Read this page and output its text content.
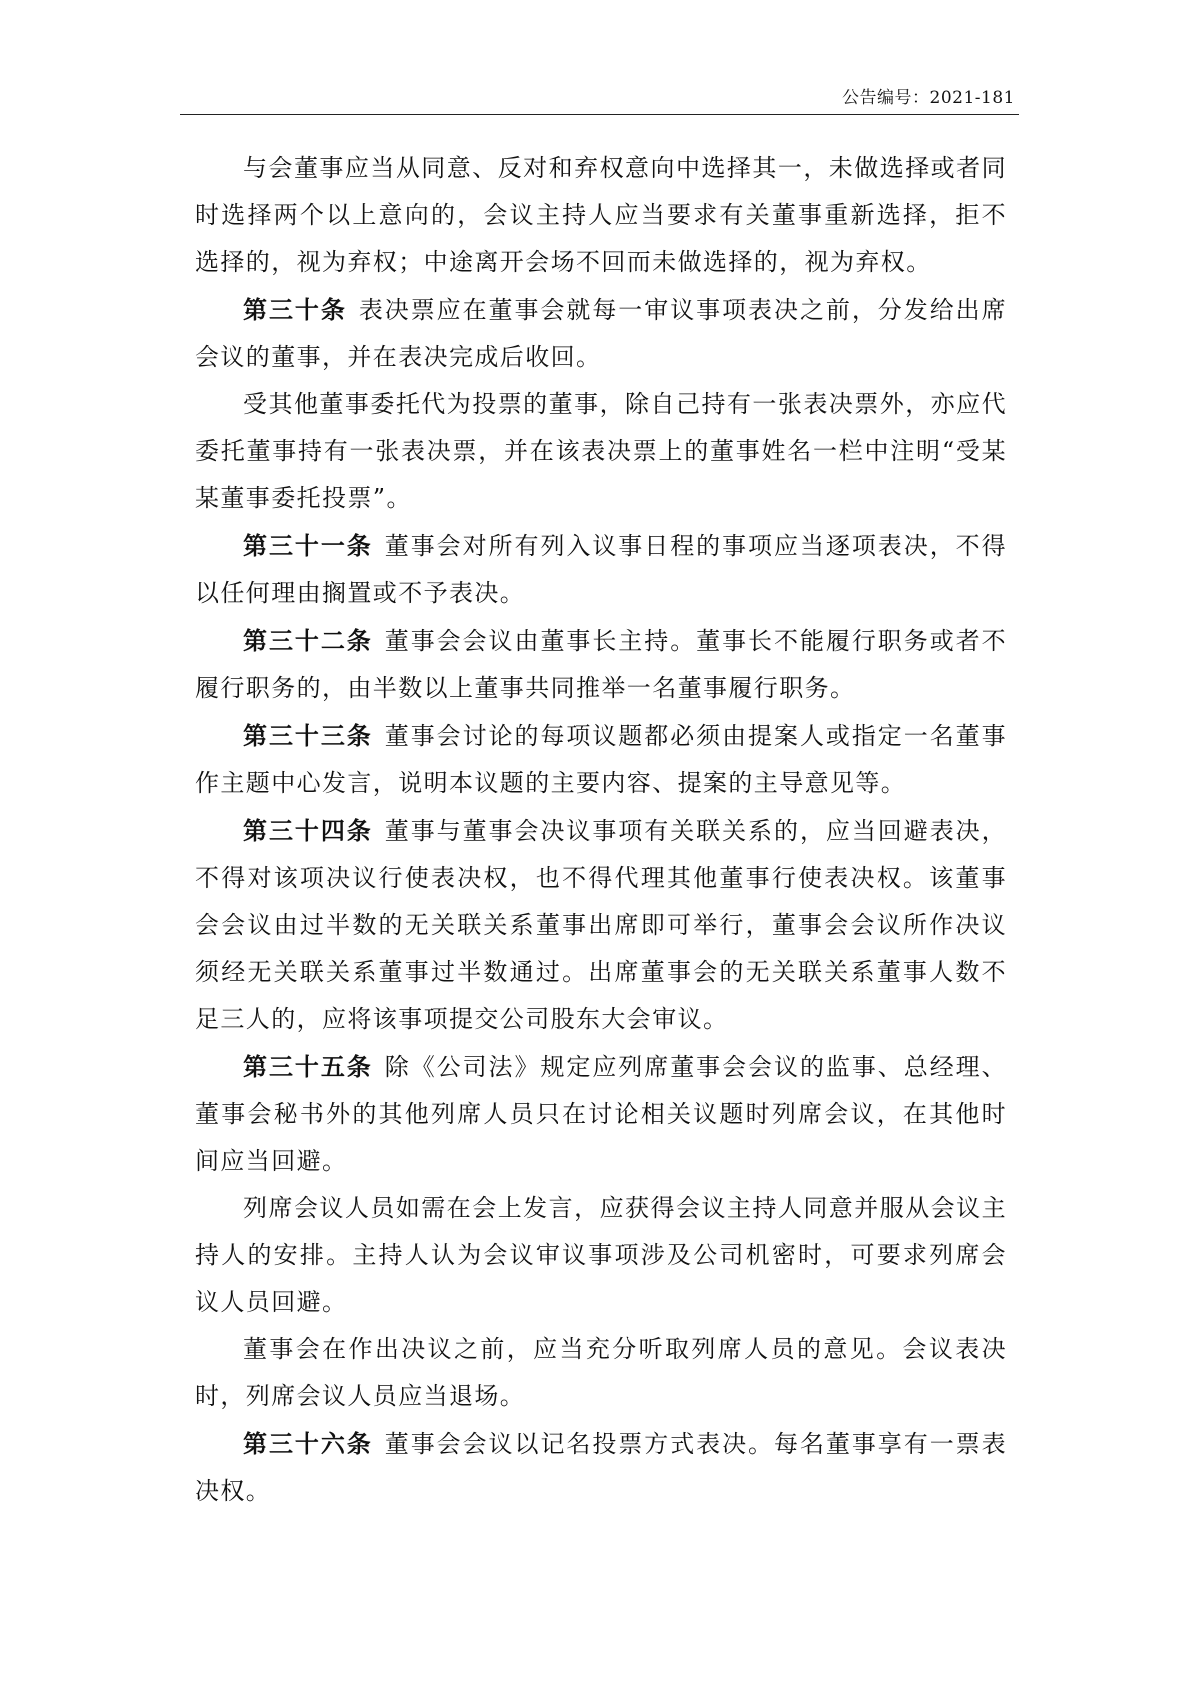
公告编号：2021-181

与会董事应当从同意、反对和弃权意向中选择其一，未做选择或者同时选择两个以上意向的，会议主持人应当要求有关董事重新选择，拒不选择的，视为弃权；中途离开会场不回而未做选择的，视为弃权。

第三十条 表决票应在董事会就每一审议事项表决之前，分发给出席会议的董事，并在表决完成后收回。

受其他董事委托代为投票的董事，除自己持有一张表决票外，亦应代委托董事持有一张表决票，并在该表决票上的董事姓名一栏中注明“受某某董事委托投票”。

第三十一条 董事会对所有列入议事日程的事项应当逐项表决，不得以任何理由搁置或不予表决。

第三十二条 董事会会议由董事长主持。董事长不能履行职务或者不履行职务的，由半数以上董事共同推举一名董事履行职务。

第三十三条 董事会讨论的每项议题都必须由提案人或指定一名董事作主题中心发言，说明本议题的主要内容、提案的主导意见等。

第三十四条 董事与董事会决议事项有关联关系的，应当回避表决，不得对该项决议行使表决权，也不得代理其他董事行使表决权。该董事会会议由过半数的无关联关系董事出席即可举行，董事会会议所作决议须经无关联关系董事过半数通过。出席董事会的无关联关系董事人数不足三人的，应将该事项提交公司股东大会审议。

第三十五条 除《公司法》规定应列席董事会会议的监事、总经理、董事会秘书外的其他列席人员只在讨论相关议题时列席会议，在其他时间应当回避。

列席会议人员如需在会上发言，应获得会议主持人同意并服从会议主持人的安排。主持人认为会议审议事项涉及公司机密时，可要求列席会议人员回避。

董事会在作出决议之前，应当充分听取列席人员的意见。会议表决时，列席会议人员应当退场。

第三十六条 董事会会议以记名投票方式表决。每名董事享有一票表决权。
